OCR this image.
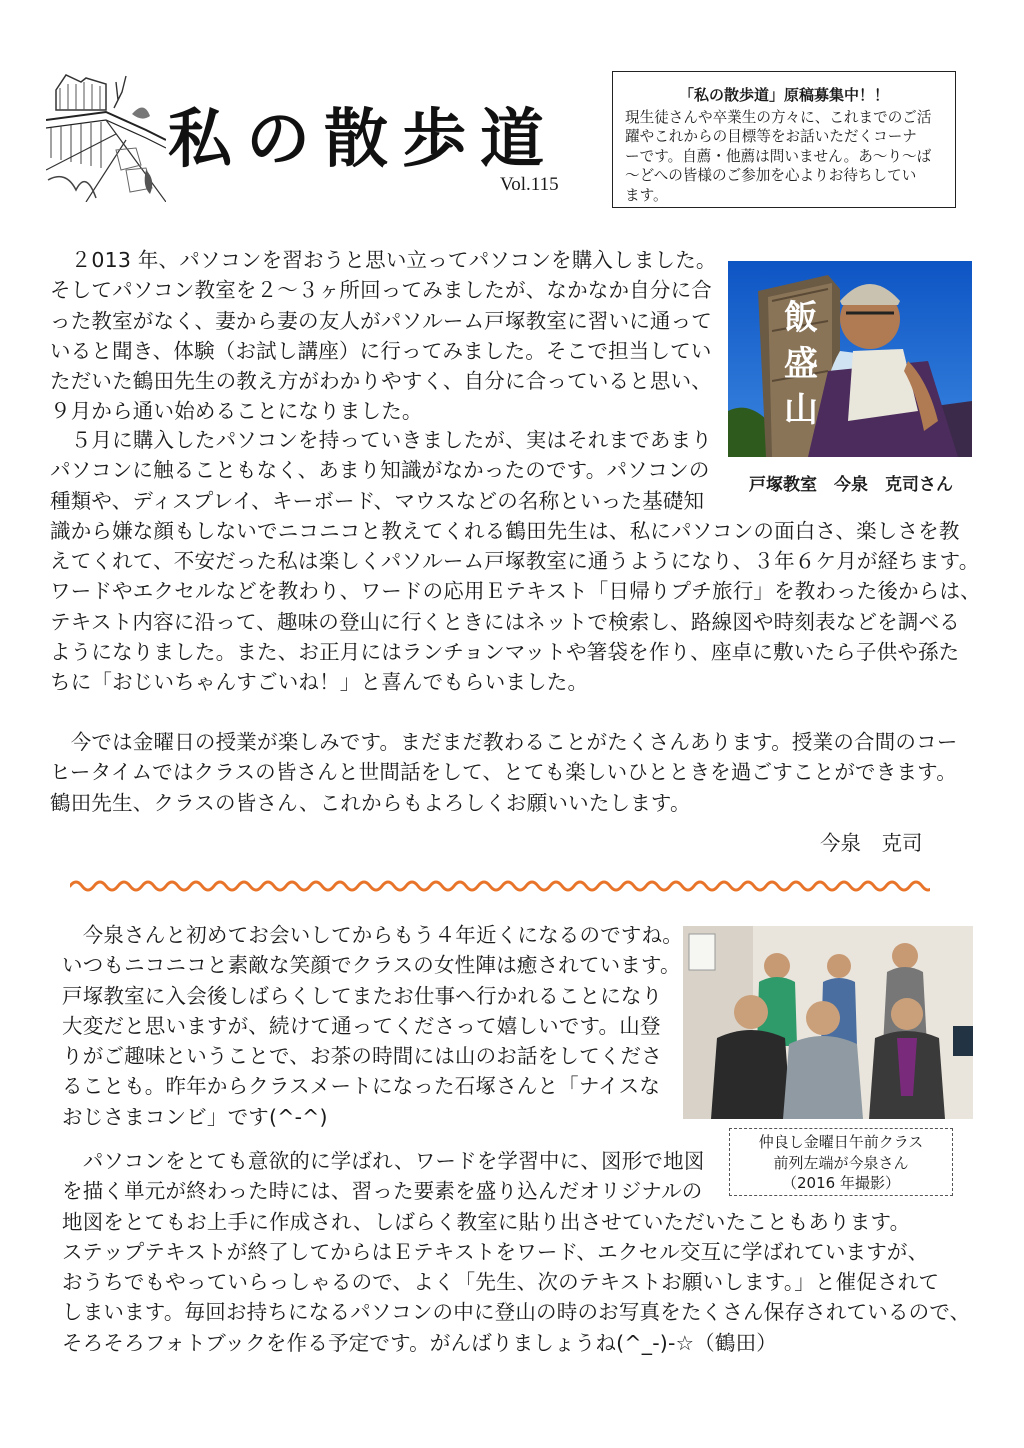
私の散歩道
Vol.115
「私の散歩道」原稿募集中！！
現生徒さんや卒業生の方々に、これまでのご活
躍やこれからの目標等をお話いただくコーナ
ーです。自薦・他薦は問いません。あ〜り〜ば
〜どへの皆様のご参加を心よりお待ちしてい
ます。
飯
盛
山
戸塚教室　今泉　克司さん
　２013 年、パソコンを習おうと思い立ってパソコンを購入しました。
そしてパソコン教室を２～３ヶ所回ってみましたが、なかなか自分に合
った教室がなく、妻から妻の友人がパソルーム戸塚教室に習いに通って
いると聞き、体験（お試し講座）に行ってみました。そこで担当してい
ただいた鶴田先生の教え方がわかりやすく、自分に合っていると思い、
９月から通い始めることになりました。
　５月に購入したパソコンを持っていきましたが、実はそれまであまり
パソコンに触ることもなく、あまり知識がなかったのです。パソコンの
種類や、ディスプレイ、キーボード、マウスなどの名称といった基礎知
識から嫌な顔もしないでニコニコと教えてくれる鶴田先生は、私にパソコンの面白さ、楽しさを教
えてくれて、不安だった私は楽しくパソルーム戸塚教室に通うようになり、３年６ケ月が経ちます。
ワードやエクセルなどを教わり、ワードの応用Ｅテキスト「日帰りプチ旅行」を教わった後からは、
テキスト内容に沿って、趣味の登山に行くときにはネットで検索し、路線図や時刻表などを調べる
ようになりました。また、お正月にはランチョンマットや箸袋を作り、座卓に敷いたら子供や孫た
ちに「おじいちゃんすごいね！」と喜んでもらいました。
　今では金曜日の授業が楽しみです。まだまだ教わることがたくさんあります。授業の合間のコー
ヒータイムではクラスの皆さんと世間話をして、とても楽しいひとときを過ごすことができます。
鶴田先生、クラスの皆さん、これからもよろしくお願いいたします。
今泉　克司
仲良し金曜日午前クラス
前列左端が今泉さん
（2016 年撮影）
　今泉さんと初めてお会いしてからもう４年近くになるのですね。
いつもニコニコと素敵な笑顔でクラスの女性陣は癒されています。
戸塚教室に入会後しばらくしてまたお仕事へ行かれることになり
大変だと思いますが、続けて通ってくださって嬉しいです。山登
りがご趣味ということで、お茶の時間には山のお話をしてくださ
ることも。昨年からクラスメートになった石塚さんと「ナイスな
おじさまコンビ」です(^-^)
　パソコンをとても意欲的に学ばれ、ワードを学習中に、図形で地図
を描く単元が終わった時には、習った要素を盛り込んだオリジナルの
地図をとてもお上手に作成され、しばらく教室に貼り出させていただいたこともあります。
ステップテキストが終了してからはＥテキストをワード、エクセル交互に学ばれていますが、
おうちでもやっていらっしゃるので、よく「先生、次のテキストお願いします。」と催促されて
しまいます。毎回お持ちになるパソコンの中に登山の時のお写真をたくさん保存されているので、
そろそろフォトブックを作る予定です。がんばりましょうね(^_-)-☆（鶴田）
